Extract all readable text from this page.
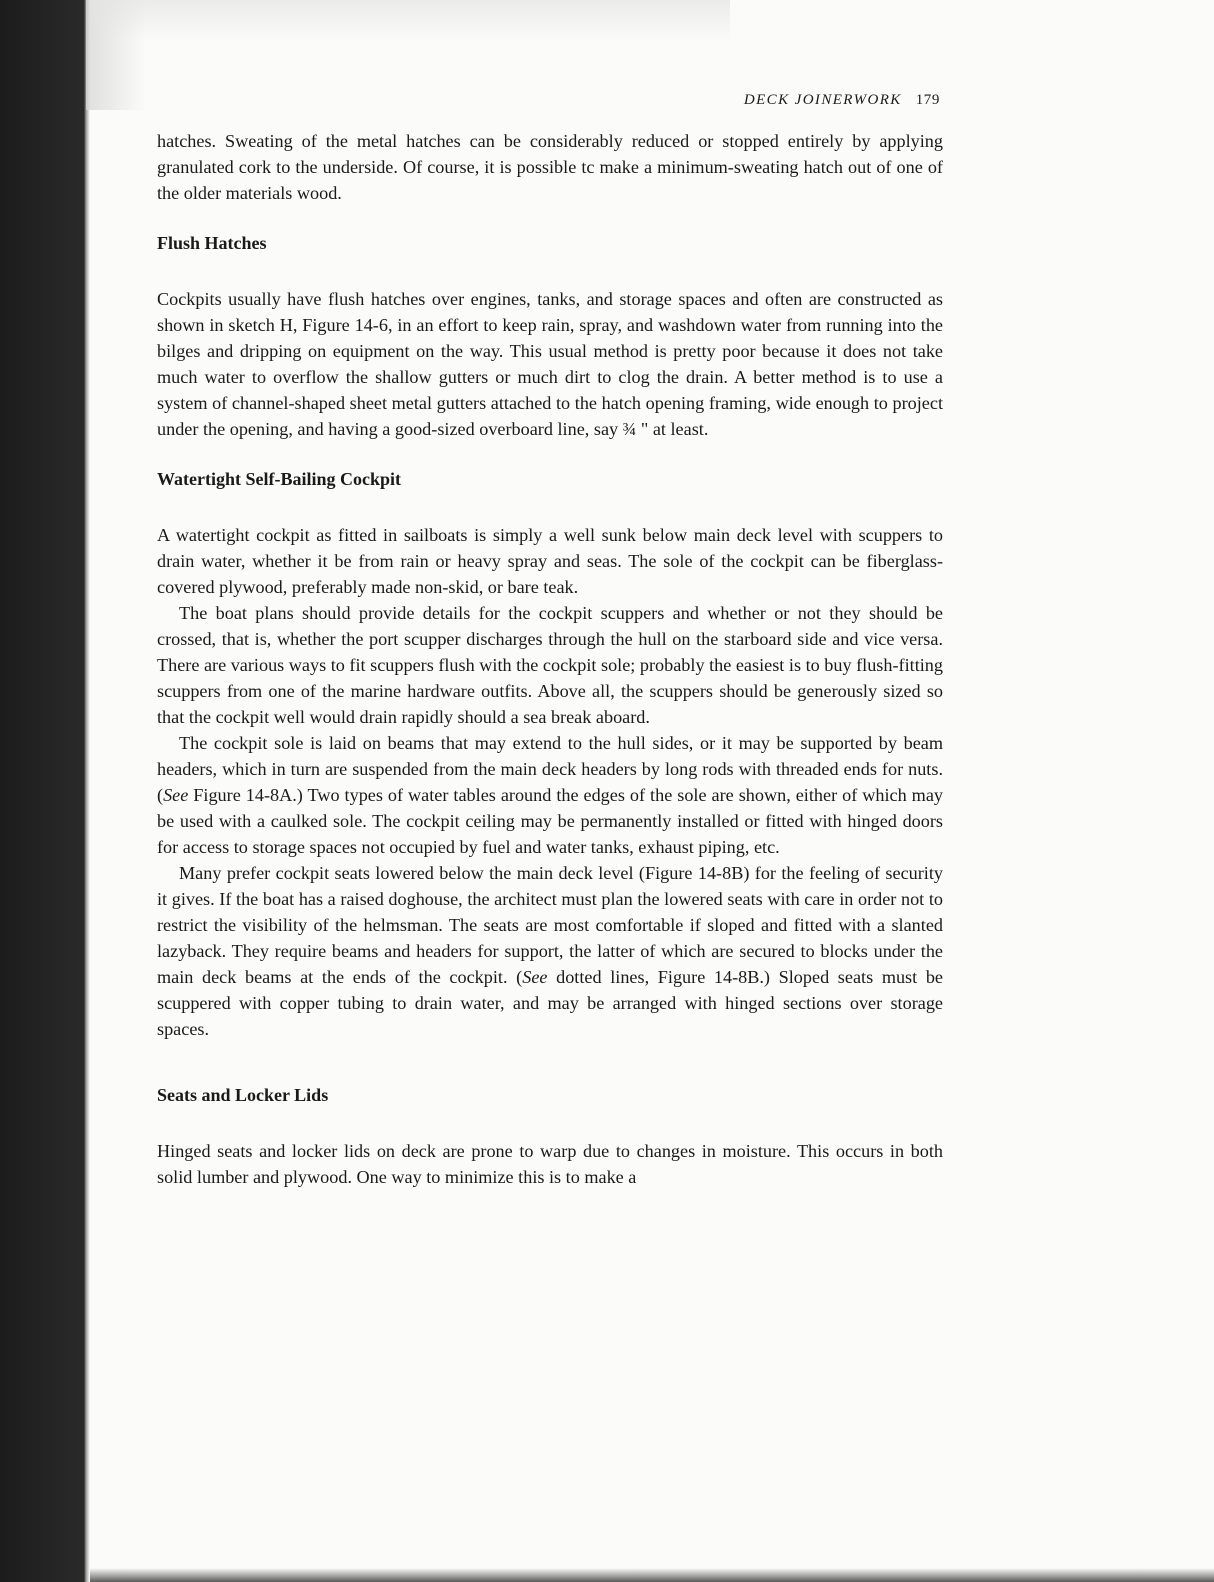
DECK JOINERWORK 179

hatches. Sweating of the metal hatches can be considerably reduced or stopped entirely by applying granulated cork to the underside. Of course, it is possible tc make a minimum-sweating hatch out of one of the older materials wood.

Flush Hatches

Cockpits usually have flush hatches over engines, tanks, and storage spaces and often are constructed as shown in sketch H, Figure 14-6, in an effort to keep rain, spray, and washdown water from running into the bilges and dripping on equipment on the way. This usual method is pretty poor because it does not take much water to overflow the shallow gutters or much dirt to clog the drain. A better method is to use a system of channel-shaped sheet metal gutters attached to the hatch opening framing, wide enough to project under the opening, and having a good-sized overboard line, say ¾ " at least.

Watertight Self-Bailing Cockpit

A watertight cockpit as fitted in sailboats is simply a well sunk below main deck level with scuppers to drain water, whether it be from rain or heavy spray and seas. The sole of the cockpit can be fiberglass-covered plywood, preferably made non-skid, or bare teak.

The boat plans should provide details for the cockpit scuppers and whether or not they should be crossed, that is, whether the port scupper discharges through the hull on the starboard side and vice versa. There are various ways to fit scuppers flush with the cockpit sole; probably the easiest is to buy flush-fitting scuppers from one of the marine hardware outfits. Above all, the scuppers should be generously sized so that the cockpit well would drain rapidly should a sea break aboard.

The cockpit sole is laid on beams that may extend to the hull sides, or it may be supported by beam headers, which in turn are suspended from the main deck headers by long rods with threaded ends for nuts. (See Figure 14-8A.) Two types of water tables around the edges of the sole are shown, either of which may be used with a caulked sole. The cockpit ceiling may be permanently installed or fitted with hinged doors for access to storage spaces not occupied by fuel and water tanks, exhaust piping, etc.

Many prefer cockpit seats lowered below the main deck level (Figure 14-8B) for the feeling of security it gives. If the boat has a raised doghouse, the architect must plan the lowered seats with care in order not to restrict the visibility of the helmsman. The seats are most comfortable if sloped and fitted with a slanted lazyback. They require beams and headers for support, the latter of which are secured to blocks under the main deck beams at the ends of the cockpit. (See dotted lines, Figure 14-8B.) Sloped seats must be scuppered with copper tubing to drain water, and may be arranged with hinged sections over storage spaces.

Seats and Locker Lids

Hinged seats and locker lids on deck are prone to warp due to changes in moisture. This occurs in both solid lumber and plywood. One way to minimize this is to make a
